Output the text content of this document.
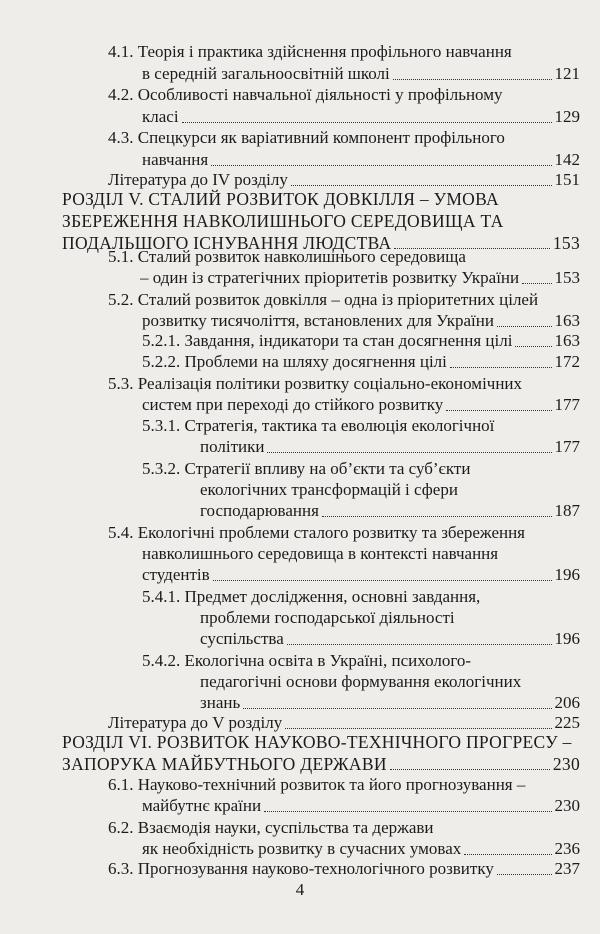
4.1. Теорія і практика здійснення профільного навчання
в середній загальноосвітній школі	121
4.2. Особливості навчальної діяльності у профільному
класі	129
4.3. Спецкурси як варіативний компонент профільного
навчання	142
Література до IV розділу	151
РОЗДІЛ V. СТАЛИЙ РОЗВИТОК ДОВКІЛЛЯ – УМОВА
ЗБЕРЕЖЕННЯ НАВКОЛИШНЬОГО СЕРЕДОВИЩА ТА
ПОДАЛЬШОГО ІСНУВАННЯ ЛЮДСТВА	153
5.1. Сталий розвиток навколишнього середовища
– один із стратегічних пріоритетів розвитку України 153
5.2. Сталий розвиток довкілля – одна із пріоритетних цілей
розвитку тисячоліття, встановлених для України	163
5.2.1. Завдання, індикатори та стан досягнення цілі 163
5.2.2. Проблеми на шляху досягнення цілі	172
5.3. Реалізація політики розвитку соціально-економічних
систем при переході до стійкого розвитку	177
5.3.1. Стратегія, тактика та еволюція екологічної
політики	177
5.3.2. Стратегії впливу на об’єкти та суб’єкти
екологічних трансформацій і сфери
господарювання	187
5.4. Екологічні проблеми сталого розвитку та збереження
навколишнього середовища в контексті навчання
студентів	196
5.4.1. Предмет дослідження, основні завдання,
проблеми господарської діяльності
суспільства	196
5.4.2. Екологічна освіта в Україні, психолого-
педагогічні основи формування екологічних
знань	206
Література до V розділу	225
РОЗДІЛ VI. РОЗВИТОК НАУКОВО-ТЕХНІЧНОГО ПРОГРЕСУ –
ЗАПОРУКА МАЙБУТНЬОГО ДЕРЖАВИ	230
6.1. Науково-технічний розвиток та його прогнозування –
майбутнє країни	230
6.2. Взаємодія науки, суспільства та держави
як необхідність розвитку в сучасних умовах	236
6.3. Прогнозування науково-технологічного розвитку	237
4
